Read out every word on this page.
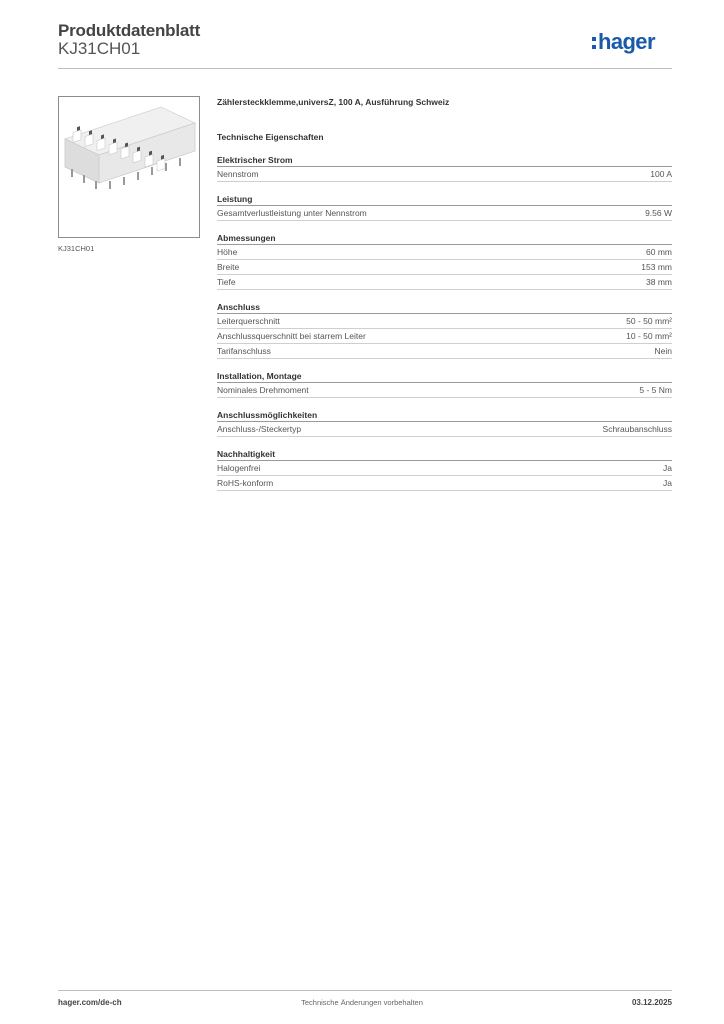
Produktdatenblatt
KJ31CH01	hager
KJ31CH01
Zählersteckklemme,universZ, 100 A, Ausführung Schweiz
Technische Eigenschaften
Elektrischer Strom
Nennstrom	100 A
Leistung
Gesamtverlustleistung unter Nennstrom	9.56 W
Abmessungen
Höhe	60 mm
Breite	153 mm
Tiefe	38 mm
Anschluss
Leiterquerschnitt	50 - 50 mm²
Anschlussquerschnitt bei starrem Leiter	10 - 50 mm²
Tarifanschluss	Nein
Installation, Montage
Nominales Drehmoment	5 - 5 Nm
Anschlussmöglichkeiten
Anschluss-/Steckertyp	Schraubanschluss
Nachhaltigkeit
Halogenfrei	Ja
RoHS-konform	Ja
hager.com/de-ch	Technische Änderungen vorbehalten	03.12.2025
